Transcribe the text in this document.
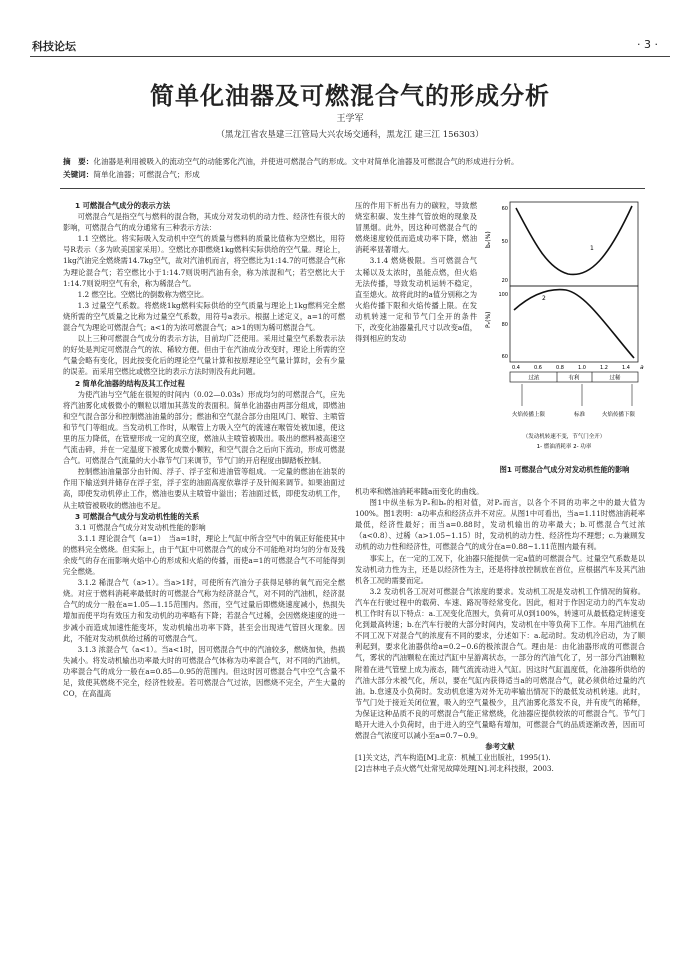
科技论坛	· 3 ·
简单化油器及可燃混合气的形成分析
王学军
（黑龙江省农垦建三江管局大兴农场交通科，黑龙江 建三江 156303）
摘　要：化油器是利用被吸入的流动空气的动能雾化汽油，并使进可燃混合气的形成。文中对简单化油器及可燃混合气的形成进行分析。
关键词：简单化油器；可燃混合气；形成

1 可燃混合气成分的表示方法

可燃混合气是指空气与燃料的混合物，其成分对发动机的动力性、经济性有很大的影响，可燃混合气的成分通常有三种表示方法：

1.1 空燃比。将实际吸入发动机中空气的质量与燃料的质量比值称为空燃比，用符号R表示（多为欧美国家采用）。空燃比亦即燃烧1kg燃料实际供给的空气量。理论上，1kg汽油完全燃烧需14.7kg空气，故对汽油机而言，将空燃比为1:14.7的可燃混合气称为理论混合气；若空燃比小于1:14.7则说明汽油有余，称为浓混和气；若空燃比大于1:14.7则说明空气有余，称为稀混合气。

1.2 燃空比。空燃比的倒数称为燃空比。

1.3 过量空气系数。将燃烧1kg燃料实际供给的空气质量与理论上1kg燃料完全燃烧所需的空气质量之比称为过量空气系数，用符号a表示。根据上述定义，a=1的可燃混合气为理论可燃混合气；a<1的为浓可燃混合气；a>1的则为稀可燃混合气。

以上三种可燃混合气成分的表示方法，目前均广泛使用。采用过量空气系数表示法的好处是判定可燃混合气的浓、稀较方便。但由于在汽油成分改变时，理论上所需的空气量会略有变化，因此按变化后的理论空气量计算和按原理论空气量计算时，会有少量的误差。而采用空燃比或燃空比的表示方法时则没有此问题。

2 简单化油器的结构及其工作过程

为使汽油与空气能在很短的时间内（0.02—0.03s）形成均匀的可燃混合气，应先将汽油雾化成极微小的颗粒以增加其蒸发的表面积。简单化油器由两部分组成，即燃油和空气混合部分和控制燃油油量的部分；燃油和空气混合部分由阻风门、喉管、主喷管和节气门等组成。当发动机工作时，从喉管上方吸入空气的流速在喉管处被加速，使这里的压力降低，在管壁形成一定的真空度，燃油从主喷管被吸出。吸出的燃料被高速空气流击碎，并在一定温度下被雾化成微小颗粒，和空气混合之后向下流动，形成可燃混合气。可燃混合气流量的大小靠节气门来调节，节气门的开启程度由脚踏板控制。

控制燃油油量部分由针阀、浮子、浮子室和进油管等组成。一定量的燃油在油泵的作用下输送到并储存在浮子室，浮子室的油面高度依靠浮子及针阀来调节。如果油面过高，即使发动机停止工作，燃油也要从主喷管中溢出；若油面过低，即使发动机工作，从主喷管被吸收的燃油也不足。

3 可燃混合气成分与发动机性能的关系

3.1 可燃混合气成分对发动机性能的影响

3.1.1 理论混合气（a=1）　当a=1时，理论上气缸中所含空气中的氧正好能使其中的燃料完全燃烧。但实际上，由于气缸中可燃混合气的成分不可能绝对均匀的分布及残余废气的存在而影响火焰中心的形成和火焰的传播，而使a=1的可燃混合气不可能得到完全燃烧。

3.1.2 稀混合气（a>1）。当a>1时，可使所有汽油分子获得足够的氧气而完全燃烧。对应于燃料消耗率最低时的可燃混合气称为经济混合气，对不同的汽油机，经济混合气的成分一般在a=1.05—1.15范围内。然而，空气过量后即燃烧速度减小，热损失增加而使平均有效压力和发动机的功率略有下降；若混合气过稀，会因燃烧速度的进一步减小而造成加速性能变坏，发动机输出功率下降，甚至会出现进气管回火现象。因此，不能对发动机供给过稀的可燃混合气。

3.1.3 浓混合气（a<1）。当a<1时，因可燃混合气中的汽油较多，燃烧加快，热损失减小。将发动机输出功率最大时的可燃混合气体称为功率混合气，对不同的汽油机，功率混合气的成分一般在a=0.85—0.95的范围内。但这时因可燃混合气中空气含量不足，致使其燃烧不完全，经济性较差。若可燃混合气过浓，因燃烧不完全，产生大量的CO，在高温高

压的作用下析出有力的碳粒，导致燃烧室积碳、发生排气管放炮的现象及冒黑烟。此外，因这种可燃混合气的燃烧速度较低而造成功率下降，燃油消耗率显著增大。

3.1.4 燃烧极限。当可燃混合气太稀以及太浓时，虽能点燃，但火焰无法传播，导致发动机运转不稳定，直至熄火。故将此时的a值分别称之为火焰传播下限和火焰传播上限。在发动机转速一定和节气门全开的条件下，改变化油器量孔尺寸以改变a值，得到相应的发动

机功率和燃油消耗率随a而变化的曲线。

图1中纵坐标为Pₑ和bₑ的相对值，对Pₑ而言，以各个不同的功率之中的最大值为100%。图1表明：a功率点和经济点并不对应。从图1中可看出，当a=1.11时燃油消耗率最低，经济性最好；而当a=0.88时，发动机输出的功率最大；b.可燃混合气过浓（a<0.8）、过稀（a>1.05~1.15）时，发动机的动力性、经济性均不理想；c.为兼顾发动机的动力性和经济性，可燃混合气的成分在a=0.88~1.11范围内最有利。

事实上，在一定的工况下，化油器只能提供一定a值的可燃混合气。过量空气系数是以发动机动力性为主，还是以经济性为主，还是将排放控制放在首位，应根据汽车及其汽油机各工况的需要而定。

3.2 发动机各工况对可燃混合气浓度的要求。发动机工况是发动机工作情况的简称。汽车在行驶过程中的载荷、车速、路况等经常变化。因此，相对于作因定动力的汽车发动机工作时有以下特点：a.工况变化范围大，负荷可从0到100%，转速可从最低稳定转速变化到最高转速；b.在汽车行驶的大部分时间内，发动机在中等负荷下工作。车用汽油机在不同工况下对混合气的浓度有不同的要求，分述如下：a.起动时。发动机冷启动，为了顺利起到，要求化油器供给a=0.2~0.6的极浓混合气。理由是：由化油器形成的可燃混合气，雾状的汽油颗粒在流过汽缸中呈游离状态，一部分的汽油气化了，另一部分汽油颗粒附着在进气管壁上成为液态，随气流流动进入气缸。因这时气缸温度低，化油器所供给的汽油大部分未被气化，所以，要在气缸内获得适当a的可燃混合气，就必须供给过量的汽油。b.怠速及小负荷时。发动机怠速为对外无功率输出情况下的最低发动机转速。此时，节气门处于接近关闭位置，吸入的空气量极少，且汽油雾化蒸发不良，并有废气的稀释，为保证这种品质不良的可燃混合气能正常燃烧，化油器应提供较浓的可燃混合气。节气门略开大进入小负荷时，由于进入的空气量略有增加，可燃混合气的品质逐渐改善，因而可燃混合气浓度可以减小至a=0.7~0.9。

参考文献

[1]关文达，汽车构造[M].北京：机械工业出版社，1995(1).

[2]吉林电子点火燃气灶常见故障处理[N].河北科技报，2003.

bₑ(%)
Pₑ(%)
60
50
20
100
80
60
1
2
0.4	0.6	0.8	1.0	1.2	1.4 a
过浓	有利	过稀
火焰传播上限	标准	火焰传播下限
（发动机转速不变，节气门全开）
1- 燃油消耗率 2- 功率
图1 可燃混合气成分对发动机性能的影响
